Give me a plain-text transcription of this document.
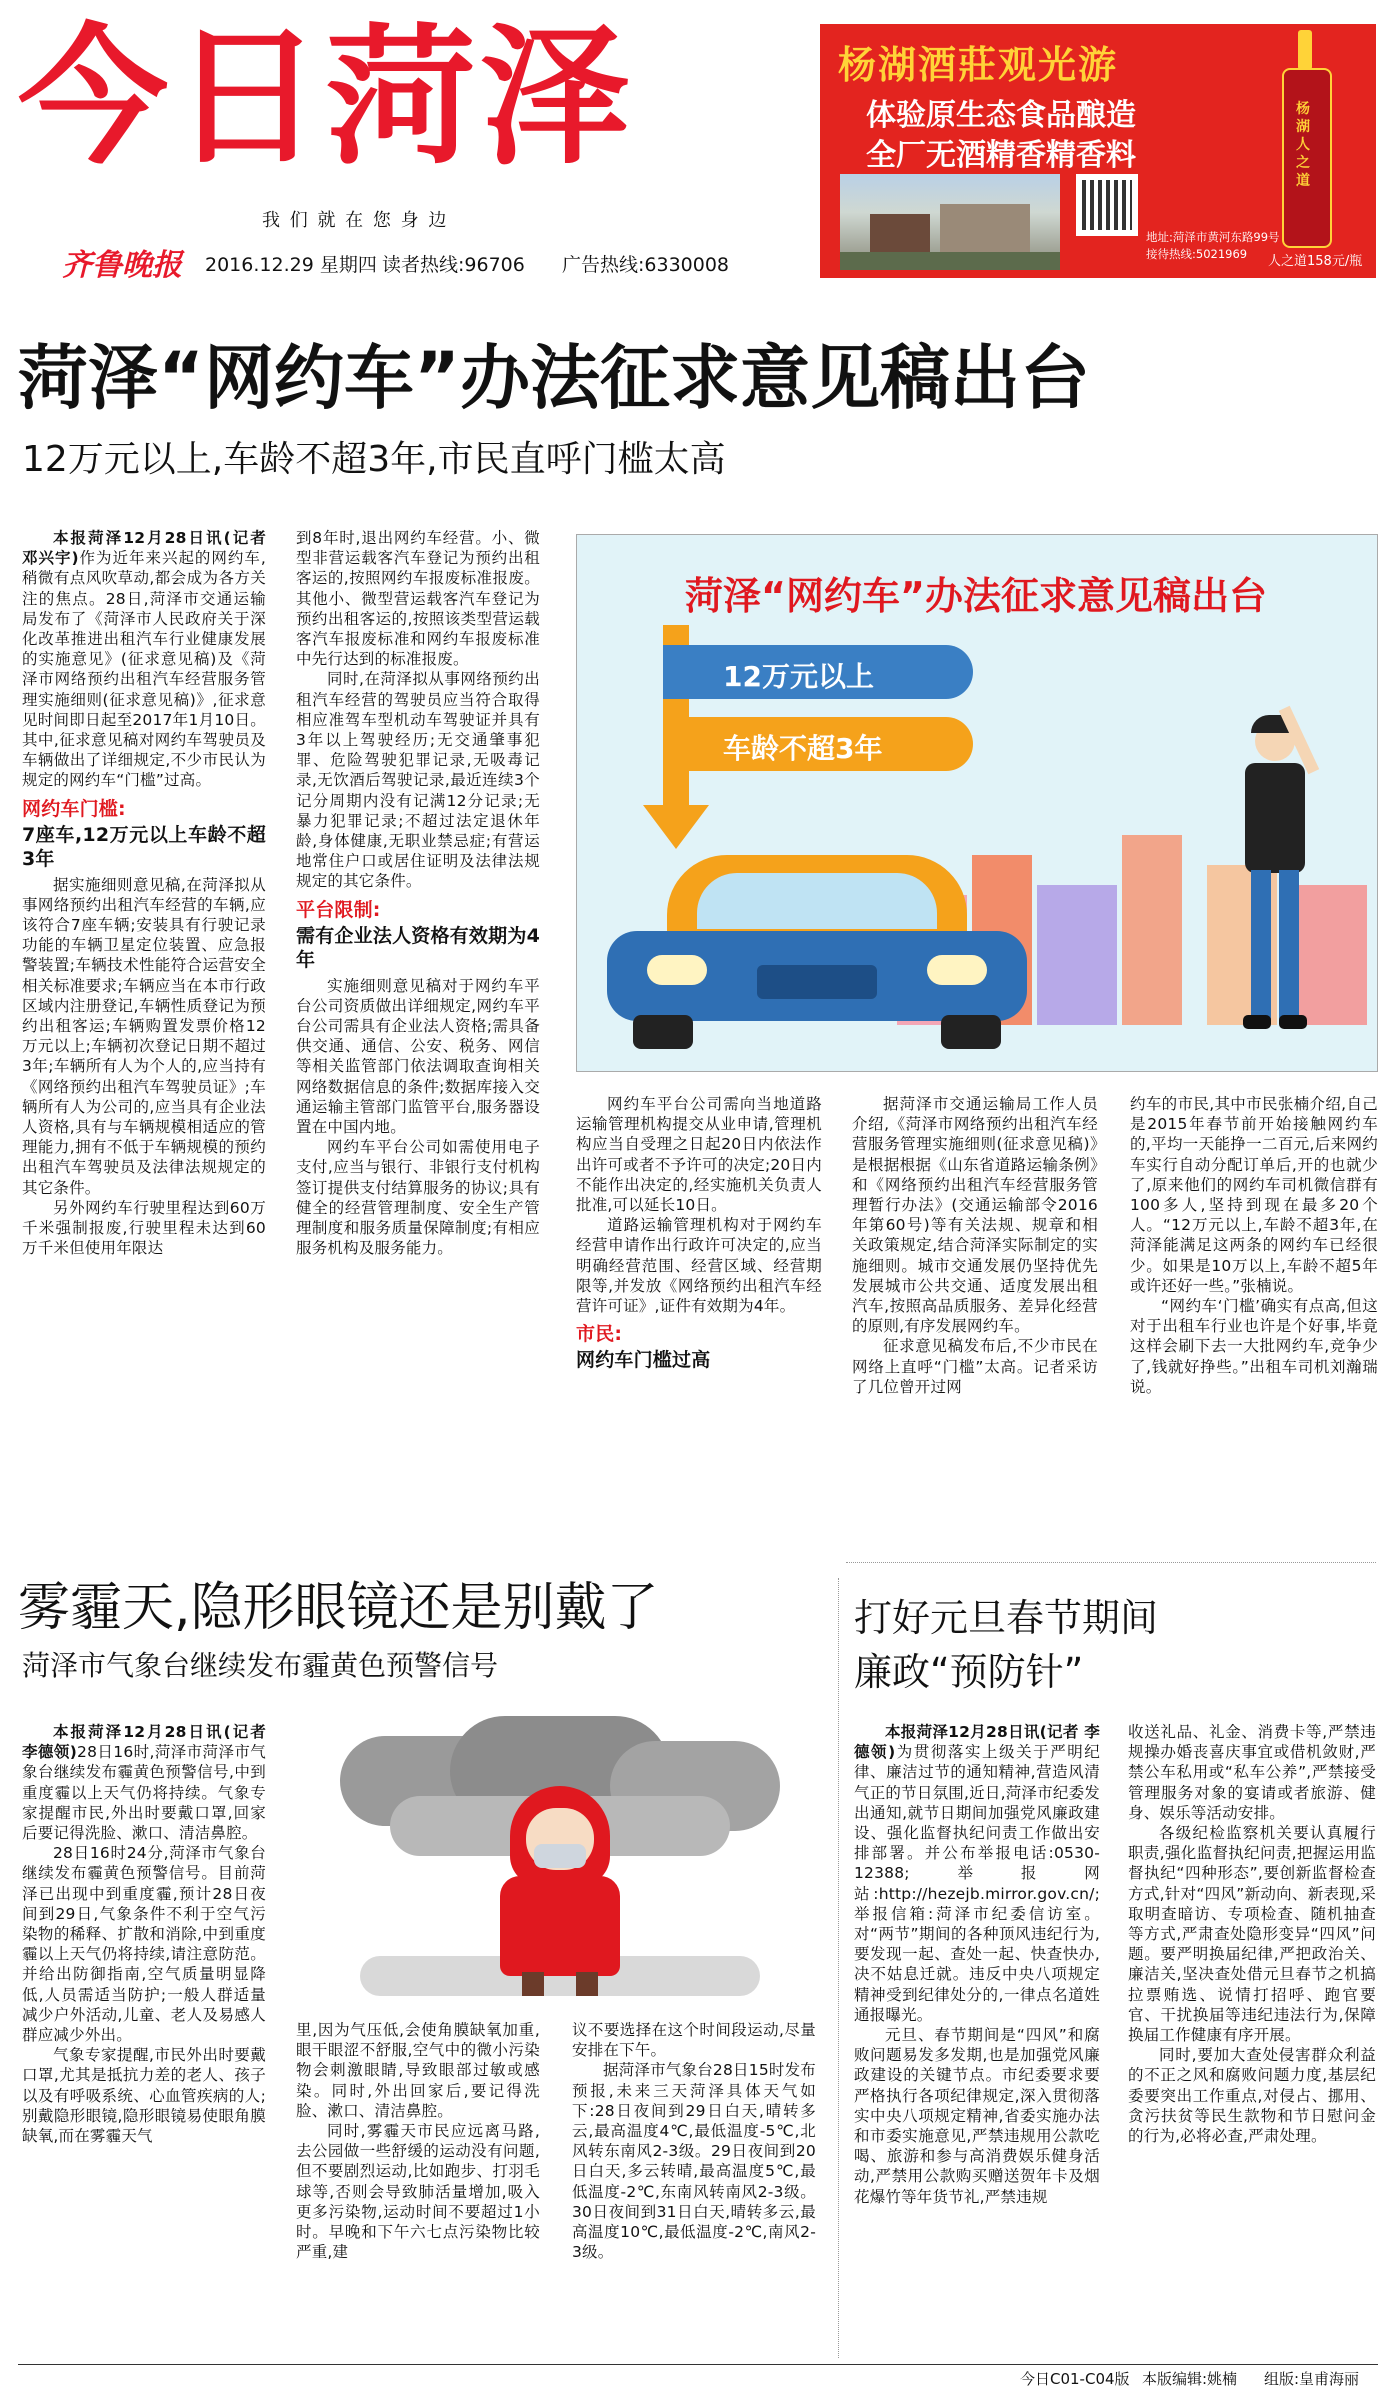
今日菏泽
我 们 就 在 您 身 边
齐鲁晚报 2016.12.29 星期四 读者热线:96706 广告热线:6330008
杨湖酒莊观光游
体验原生态食品酿造
全厂无酒精香精香料
地址:菏泽市黄河东路99号
接待热线:5021969
杨湖人之道
人之道158元/瓶
菏泽“网约车”办法征求意见稿出台
12万元以上,车龄不超3年,市民直呼门槛太高

本报菏泽12月28日讯(记者 邓兴宇)作为近年来兴起的网约车,稍微有点风吹草动,都会成为各方关注的焦点。28日,菏泽市交通运输局发布了《菏泽市人民政府关于深化改革推进出租汽车行业健康发展的实施意见》(征求意见稿)及《菏泽市网络预约出租汽车经营服务管理实施细则(征求意见稿)》,征求意见时间即日起至2017年1月10日。其中,征求意见稿对网约车驾驶员及车辆做出了详细规定,不少市民认为规定的网约车“门槛”过高。

网约车门槛:
7座车,12万元以上车龄不超3年

据实施细则意见稿,在菏泽拟从事网络预约出租汽车经营的车辆,应该符合7座车辆;安装具有行驶记录功能的车辆卫星定位装置、应急报警装置;车辆技术性能符合运营安全相关标准要求;车辆应当在本市行政区域内注册登记,车辆性质登记为预约出租客运;车辆购置发票价格12万元以上;车辆初次登记日期不超过3年;车辆所有人为个人的,应当持有《网络预约出租汽车驾驶员证》;车辆所有人为公司的,应当具有企业法人资格,具有与车辆规模相适应的管理能力,拥有不低于车辆规模的预约出租汽车驾驶员及法律法规规定的其它条件。

另外网约车行驶里程达到60万千米强制报废,行驶里程未达到60万千米但使用年限达

到8年时,退出网约车经营。小、微型非营运载客汽车登记为预约出租客运的,按照网约车报废标准报废。其他小、微型营运载客汽车登记为预约出租客运的,按照该类型营运载客汽车报废标准和网约车报废标准中先行达到的标准报废。

同时,在菏泽拟从事网络预约出租汽车经营的驾驶员应当符合取得相应准驾车型机动车驾驶证并具有3年以上驾驶经历;无交通肇事犯罪、危险驾驶犯罪记录,无吸毒记录,无饮酒后驾驶记录,最近连续3个记分周期内没有记满12分记录;无暴力犯罪记录;不超过法定退休年龄,身体健康,无职业禁忌症;有营运地常住户口或居住证明及法律法规规定的其它条件。

平台限制:
需有企业法人资格有效期为4年

实施细则意见稿对于网约车平台公司资质做出详细规定,网约车平台公司需具有企业法人资格;需具备供交通、通信、公安、税务、网信等相关监管部门依法调取查询相关网络数据信息的条件;数据库接入交通运输主管部门监管平台,服务器设置在中国内地。

网约车平台公司如需使用电子支付,应当与银行、非银行支付机构签订提供支付结算服务的协议;具有健全的经营管理制度、安全生产管理制度和服务质量保障制度;有相应服务机构及服务能力。

菏泽“网约车”办法征求意见稿出台
12万元以上
车龄不超3年

网约车平台公司需向当地道路运输管理机构提交从业申请,管理机构应当自受理之日起20日内依法作出许可或者不予许可的决定;20日内不能作出决定的,经实施机关负责人批准,可以延长10日。

道路运输管理机构对于网约车经营申请作出行政许可决定的,应当明确经营范围、经营区域、经营期限等,并发放《网络预约出租汽车经营许可证》,证件有效期为4年。

市民:
网约车门槛过高

据菏泽市交通运输局工作人员介绍,《菏泽市网络预约出租汽车经营服务管理实施细则(征求意见稿)》是根据根据《山东省道路运输条例》和《网络预约出租汽车经营服务管理暂行办法》(交通运输部令2016年第60号)等有关法规、规章和相关政策规定,结合菏泽实际制定的实施细则。城市交通发展仍坚持优先发展城市公共交通、适度发展出租汽车,按照高品质服务、差异化经营的原则,有序发展网约车。

征求意见稿发布后,不少市民在网络上直呼“门槛”太高。记者采访了几位曾开过网

约车的市民,其中市民张楠介绍,自己是2015年春节前开始接触网约车的,平均一天能挣一二百元,后来网约车实行自动分配订单后,开的也就少了,原来他们的网约车司机微信群有100多人,坚持到现在最多20个人。“12万元以上,车龄不超3年,在菏泽能满足这两条的网约车已经很少。如果是10万以上,车龄不超5年或许还好一些。”张楠说。

“网约车‘门槛’确实有点高,但这对于出租车行业也许是个好事,毕竟这样会刷下去一大批网约车,竞争少了,钱就好挣些。”出租车司机刘瀚瑞说。

雾霾天,隐形眼镜还是别戴了
菏泽市气象台继续发布霾黄色预警信号

本报菏泽12月28日讯(记者 李德领)28日16时,菏泽市菏泽市气象台继续发布霾黄色预警信号,中到重度霾以上天气仍将持续。气象专家提醒市民,外出时要戴口罩,回家后要记得洗脸、漱口、清洁鼻腔。

28日16时24分,菏泽市气象台继续发布霾黄色预警信号。目前菏泽已出现中到重度霾,预计28日夜间到29日,气象条件不利于空气污染物的稀释、扩散和消除,中到重度霾以上天气仍将持续,请注意防范。并给出防御指南,空气质量明显降低,人员需适当防护;一般人群适量减少户外活动,儿童、老人及易感人群应减少外出。

气象专家提醒,市民外出时要戴口罩,尤其是抵抗力差的老人、孩子以及有呼吸系统、心血管疾病的人;别戴隐形眼镜,隐形眼镜易使眼角膜缺氧,而在雾霾天气

里,因为气压低,会使角膜缺氧加重,眼干眼涩不舒服,空气中的微小污染物会刺激眼睛,导致眼部过敏或感染。同时,外出回家后,要记得洗脸、漱口、清洁鼻腔。

同时,雾霾天市民应远离马路,去公园做一些舒缓的运动没有问题,但不要剧烈运动,比如跑步、打羽毛球等,否则会导致肺活量增加,吸入更多污染物,运动时间不要超过1小时。早晚和下午六七点污染物比较严重,建

议不要选择在这个时间段运动,尽量安排在下午。

据菏泽市气象台28日15时发布预报,未来三天菏泽具体天气如下:28日夜间到29日白天,晴转多云,最高温度4℃,最低温度-5℃,北风转东南风2-3级。29日夜间到20日白天,多云转晴,最高温度5℃,最低温度-2℃,东南风转南风2-3级。30日夜间到31日白天,晴转多云,最高温度10℃,最低温度-2℃,南风2-3级。

打好元旦春节期间
廉政“预防针”

本报菏泽12月28日讯(记者 李德领)为贯彻落实上级关于严明纪律、廉洁过节的通知精神,营造风清气正的节日氛围,近日,菏泽市纪委发出通知,就节日期间加强党风廉政建设、强化监督执纪问责工作做出安排部署。并公布举报电话:0530-12388;举报网站:http://hezejb.mirror.gov.cn/;举报信箱:菏泽市纪委信访室。对“两节”期间的各种顶风违纪行为,要发现一起、查处一起、快查快办,决不姑息迁就。违反中央八项规定精神受到纪律处分的,一律点名道姓通报曝光。

元旦、春节期间是“四风”和腐败问题易发多发期,也是加强党风廉政建设的关键节点。市纪委要求要严格执行各项纪律规定,深入贯彻落实中央八项规定精神,省委实施办法和市委实施意见,严禁违规用公款吃喝、旅游和参与高消费娱乐健身活动,严禁用公款购买赠送贺年卡及烟花爆竹等年货节礼,严禁违规

收送礼品、礼金、消费卡等,严禁违规操办婚丧喜庆事宜或借机敛财,严禁公车私用或“私车公养”,严禁接受管理服务对象的宴请或者旅游、健身、娱乐等活动安排。

各级纪检监察机关要认真履行职责,强化监督执纪问责,把握运用监督执纪“四种形态”,要创新监督检查方式,针对“四风”新动向、新表现,采取明查暗访、专项检查、随机抽查等方式,严肃查处隐形变异“四风”问题。要严明换届纪律,严把政治关、廉洁关,坚决查处借元旦春节之机搞拉票贿选、说情打招呼、跑官要官、干扰换届等违纪违法行为,保障换届工作健康有序开展。

同时,要加大查处侵害群众利益的不正之风和腐败问题力度,基层纪委要突出工作重点,对侵占、挪用、贪污扶贫等民生款物和节日慰问金的行为,必将必查,严肃处理。

今日C01-C04版 本版编辑:姚楠 组版:皇甫海丽
